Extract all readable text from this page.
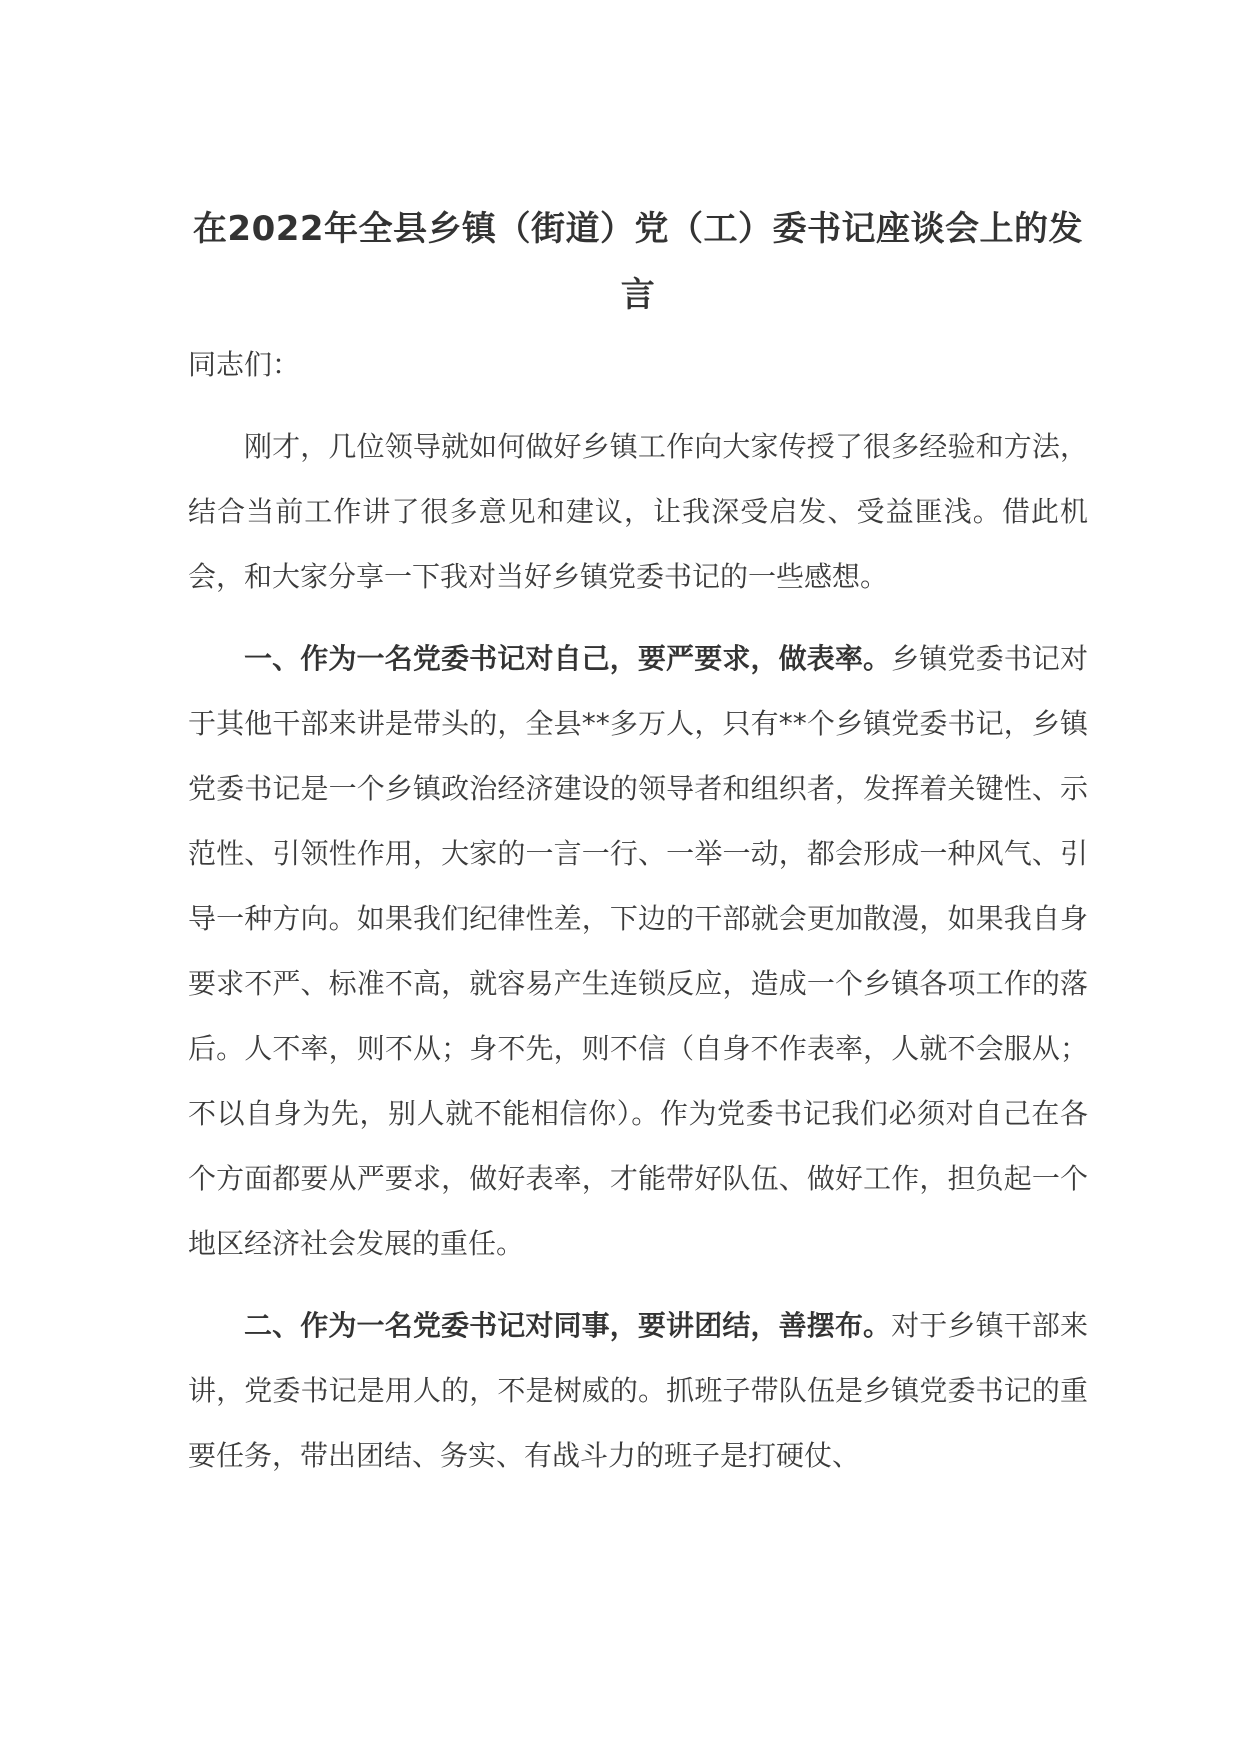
在2022年全县乡镇（街道）党（工）委书记座谈会上的发言

同志们：

刚才，几位领导就如何做好乡镇工作向大家传授了很多经验和方法，结合当前工作讲了很多意见和建议，让我深受启发、受益匪浅。借此机会，和大家分享一下我对当好乡镇党委书记的一些感想。

一、作为一名党委书记对自己，要严要求，做表率。乡镇党委书记对于其他干部来讲是带头的，全县**多万人，只有**个乡镇党委书记，乡镇党委书记是一个乡镇政治经济建设的领导者和组织者，发挥着关键性、示范性、引领性作用，大家的一言一行、一举一动，都会形成一种风气、引导一种方向。如果我们纪律性差，下边的干部就会更加散漫，如果我自身要求不严、标准不高，就容易产生连锁反应，造成一个乡镇各项工作的落后。人不率，则不从；身不先，则不信（自身不作表率，人就不会服从；不以自身为先，别人就不能相信你）。作为党委书记我们必须对自己在各个方面都要从严要求，做好表率，才能带好队伍、做好工作，担负起一个地区经济社会发展的重任。

二、作为一名党委书记对同事，要讲团结，善摆布。对于乡镇干部来讲，党委书记是用人的，不是树威的。抓班子带队伍是乡镇党委书记的重要任务，带出团结、务实、有战斗力的班子是打硬仗、
